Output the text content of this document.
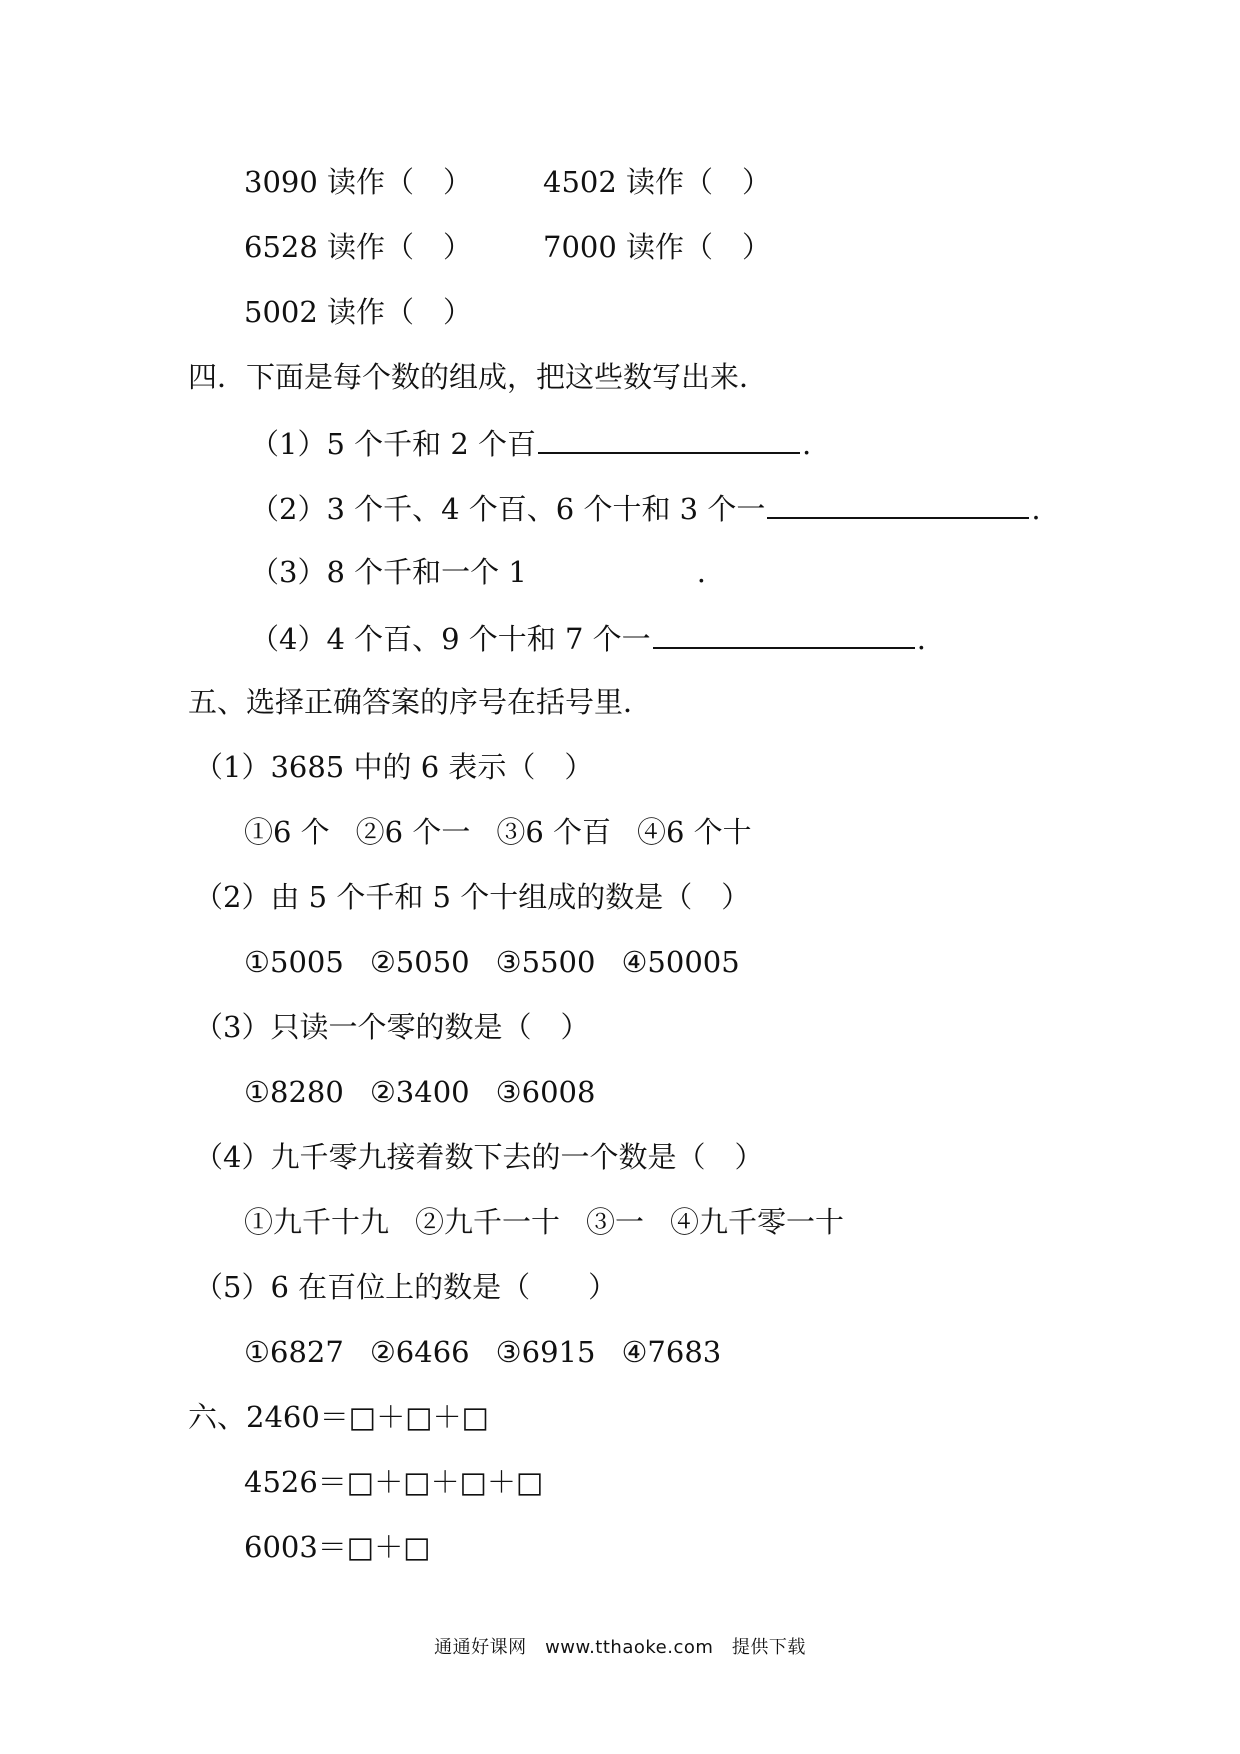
3090 读作（　） 4502 读作（　）
6528 读作（　） 7000 读作（　）
5002 读作（　）
四．下面是每个数的组成，把这些数写出来．
（1）5 个千和 2 个百	.
（2）3 个千、4 个百、6 个十和 3 个一	.
（3）8 个千和一个 1	.
（4）4 个百、9 个十和 7 个一	.
五、选择正确答案的序号在括号里．
（1）3685 中的 6 表示（　）
①6 个 ②6 个一 ③6 个百 ④6 个十
（2）由 5 个千和 5 个十组成的数是（　）
①5005 ②5050 ③5500 ④50005
（3）只读一个零的数是（　）
①8280 ②3400 ③6008
（4）九千零九接着数下去的一个数是（　）
①九千十九 ②九千一十 ③一 ④九千零一十
（5）6 在百位上的数是（　　）
①6827 ②6466 ③6915 ④7683
六、2460＝□＋□＋□
4526＝□＋□＋□＋□
6003＝□＋□
通通好课网　www.tthaoke.com　提供下载
